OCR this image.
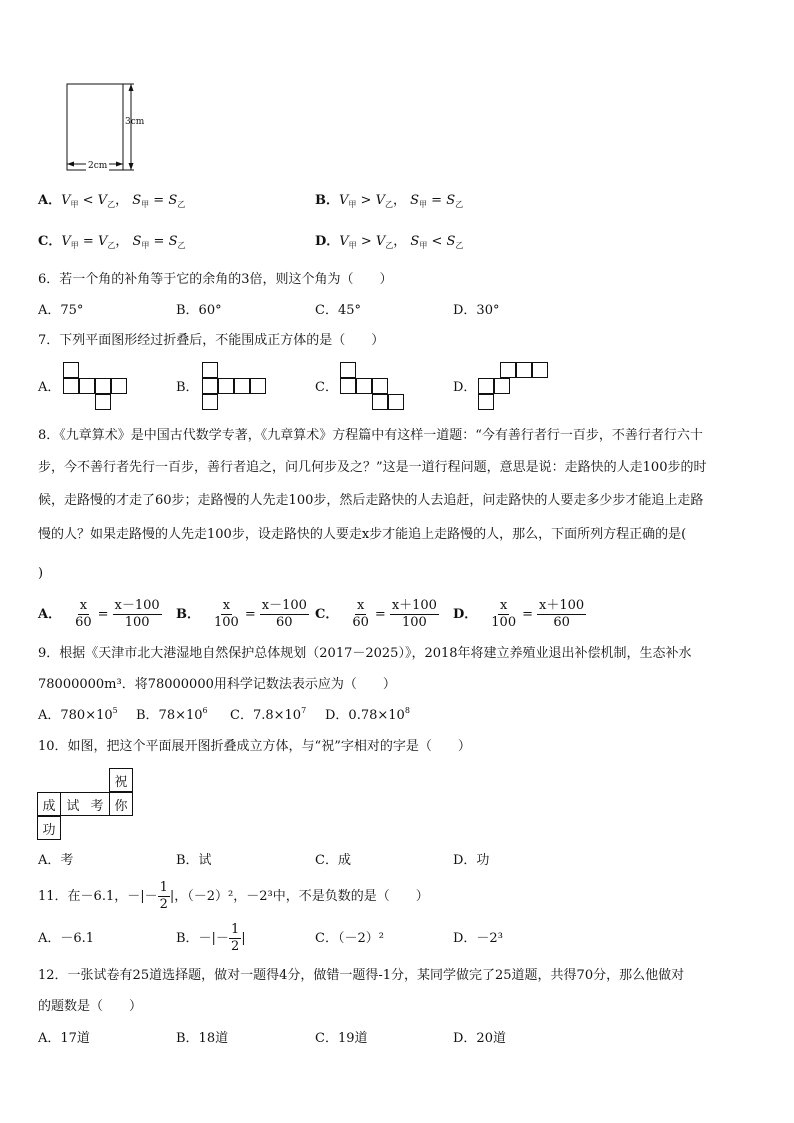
3cm
2cm
A．$V_甲 < V_乙$， $S_甲 = S_乙$	B．$V_甲 > V_乙$， $S_甲 = S_乙$
C．$V_甲 = V_乙$， $S_甲 = S_乙$	D．$V_甲 > V_乙$， $S_甲 < S_乙$
6．若一个角的补角等于它的余角的3倍，则这个角为（　　）
A．75°	B．60°	C．45°	D．30°
7．下列平面图形经过折叠后，不能围成正方体的是（　　）
A．	B．	C．	D．
8．《九章算术》是中国古代数学专著，《九章算术》方程篇中有这样一道题：“今有善行者行一百步，不善行者行六十
步，今不善行者先行一百步，善行者追之，问几何步及之？”这是一道行程问题，意思是说：走路快的人走100步的时
候，走路慢的才走了60步；走路慢的人先走100步，然后走路快的人去追赶，问走路快的人要走多少步才能追上走路
慢的人？如果走路慢的人先走100步，设走路快的人要走x步才能追上走路慢的人，那么，下面所列方程正确的是(
)
A． $\frac{x}{60} = \frac{x-100}{100}$ B． $\frac{x}{100} = \frac{x-100}{60}$ C． $\frac{x}{60} = \frac{x+100}{100}$ D． $\frac{x}{100} = \frac{x+100}{60}$
9．根据《天津市北大港湿地自然保护总体规划（2017－2025）》，2018年将建立养殖业退出补偿机制，生态补水
78000000m³．将78000000用科学记数法表示应为（　　）
A．$780\times 10^5$ B．$78\times 10^6$ C．$7.8\times 10^7$ D．$0.78\times 10^8$
10．如图，把这个平面展开图折叠成立方体，与“祝”字相对的字是（　　）
祝
成 试 考 你
功
A．考	B．试	C．成	D．功
11．在－6.1，－|－ $\frac{1}{2}$ |，（－2）²，－2³中，不是负数的是（　　）
A．－6.1	B．－|－ $\frac{1}{2}$ |	C．（－2）²	D．－2³
12．一张试卷有25道选择题，做对一题得4分，做错一题得-1分，某同学做完了25道题，共得70分，那么他做对
的题数是（　　）
A．17道	B．18道	C．19道	D．20道
